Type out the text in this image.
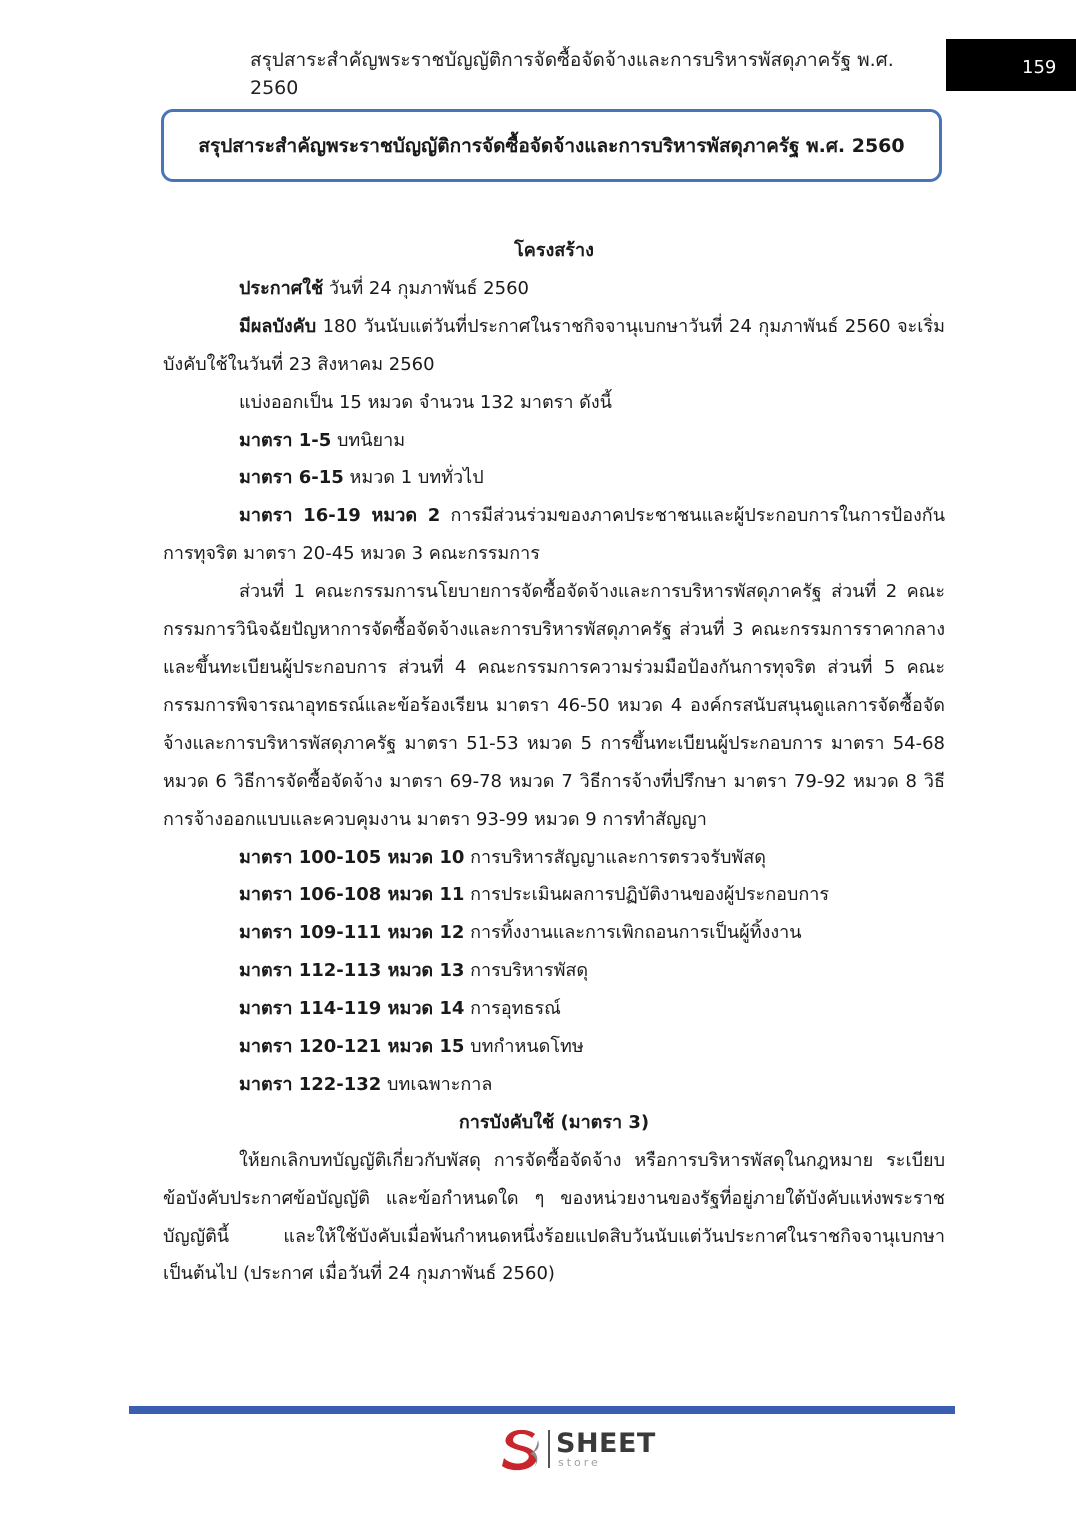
สรุปสาระสำคัญพระราชบัญญัติการจัดซื้อจัดจ้างและการบริหารพัสดุภาครัฐ พ.ศ. 2560
159
สรุปสาระสำคัญพระราชบัญญัติการจัดซื้อจัดจ้างและการบริหารพัสดุภาครัฐ พ.ศ. 2560

โครงสร้าง

ประกาศใช้ วันที่ 24 กุมภาพันธ์ 2560

มีผลบังคับ 180 วันนับแต่วันที่ประกาศในราชกิจจานุเบกษาวันที่ 24 กุมภาพันธ์ 2560 จะเริ่มบังคับใช้ในวันที่ 23 สิงหาคม 2560

แบ่งออกเป็น 15 หมวด จำนวน 132 มาตรา ดังนี้

มาตรา 1-5 บทนิยาม

มาตรา 6-15 หมวด 1 บททั่วไป

มาตรา 16-19 หมวด 2 การมีส่วนร่วมของภาคประชาชนและผู้ประกอบการในการป้องกันการทุจริต มาตรา 20-45 หมวด 3 คณะกรรมการ

ส่วนที่ 1 คณะกรรมการนโยบายการจัดซื้อจัดจ้างและการบริหารพัสดุภาครัฐ ส่วนที่ 2 คณะกรรมการวินิจฉัยปัญหาการจัดซื้อจัดจ้างและการบริหารพัสดุภาครัฐ ส่วนที่ 3 คณะกรรมการราคากลางและขึ้นทะเบียนผู้ประกอบการ ส่วนที่ 4 คณะกรรมการความร่วมมือป้องกันการทุจริต ส่วนที่ 5 คณะกรรมการพิจารณาอุทธรณ์และข้อร้องเรียน มาตรา 46-50 หมวด 4 องค์กรสนับสนุนดูแลการจัดซื้อจัดจ้างและการบริหารพัสดุภาครัฐ มาตรา 51-53 หมวด 5 การขึ้นทะเบียนผู้ประกอบการ มาตรา 54-68 หมวด 6 วิธีการจัดซื้อจัดจ้าง มาตรา 69-78 หมวด 7 วิธีการจ้างที่ปรึกษา มาตรา 79-92 หมวด 8 วิธีการจ้างออกแบบและควบคุมงาน มาตรา 93-99 หมวด 9 การทำสัญญา

มาตรา 100-105 หมวด 10 การบริหารสัญญาและการตรวจรับพัสดุ

มาตรา 106-108 หมวด 11 การประเมินผลการปฏิบัติงานของผู้ประกอบการ

มาตรา 109-111 หมวด 12 การทิ้งงานและการเพิกถอนการเป็นผู้ทิ้งงาน

มาตรา 112-113 หมวด 13 การบริหารพัสดุ

มาตรา 114-119 หมวด 14 การอุทธรณ์

มาตรา 120-121 หมวด 15 บทกำหนดโทษ

มาตรา 122-132 บทเฉพาะกาล

การบังคับใช้ (มาตรา 3)

ให้ยกเลิกบทบัญญัติเกี่ยวกับพัสดุ การจัดซื้อจัดจ้าง หรือการบริหารพัสดุในกฎหมาย ระเบียบ ข้อบังคับประกาศข้อบัญญัติ และข้อกำหนดใด ๆ ของหน่วยงานของรัฐที่อยู่ภายใต้บังคับแห่งพระราชบัญญัตินี้ และให้ใช้บังคับเมื่อพ้นกำหนดหนึ่งร้อยแปดสิบวันนับแต่วันประกาศในราชกิจจานุเบกษาเป็นต้นไป (ประกาศ เมื่อวันที่ 24 กุมภาพันธ์ 2560)

SHEET
store
